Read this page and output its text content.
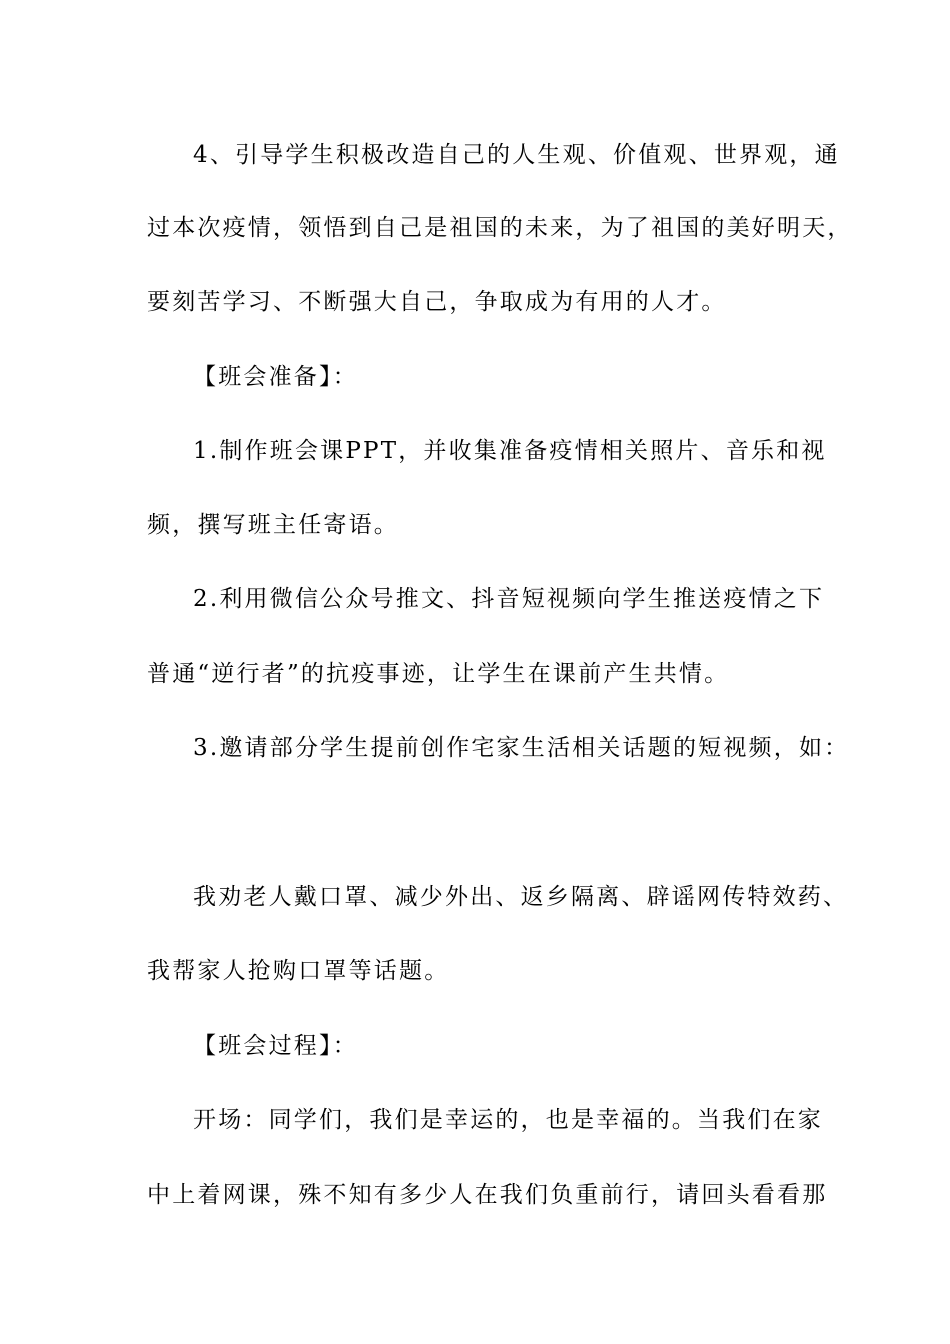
4、引导学生积极改造自己的人生观、价值观、世界观，通
过本次疫情，领悟到自己是祖国的未来，为了祖国的美好明天，
要刻苦学习、不断强大自己，争取成为有用的人才。
【班会准备】：
1.制作班会课PPT，并收集准备疫情相关照片、音乐和视
频，撰写班主任寄语。
2.利用微信公众号推文、抖音短视频向学生推送疫情之下
普通“逆行者”的抗疫事迹，让学生在课前产生共情。
3.邀请部分学生提前创作宅家生活相关话题的短视频，如：
我劝老人戴口罩、减少外出、返乡隔离、辟谣网传特效药、
我帮家人抢购口罩等话题。
【班会过程】：
开场：同学们，我们是幸运的，也是幸福的。当我们在家
中上着网课，殊不知有多少人在我们负重前行，请回头看看那
